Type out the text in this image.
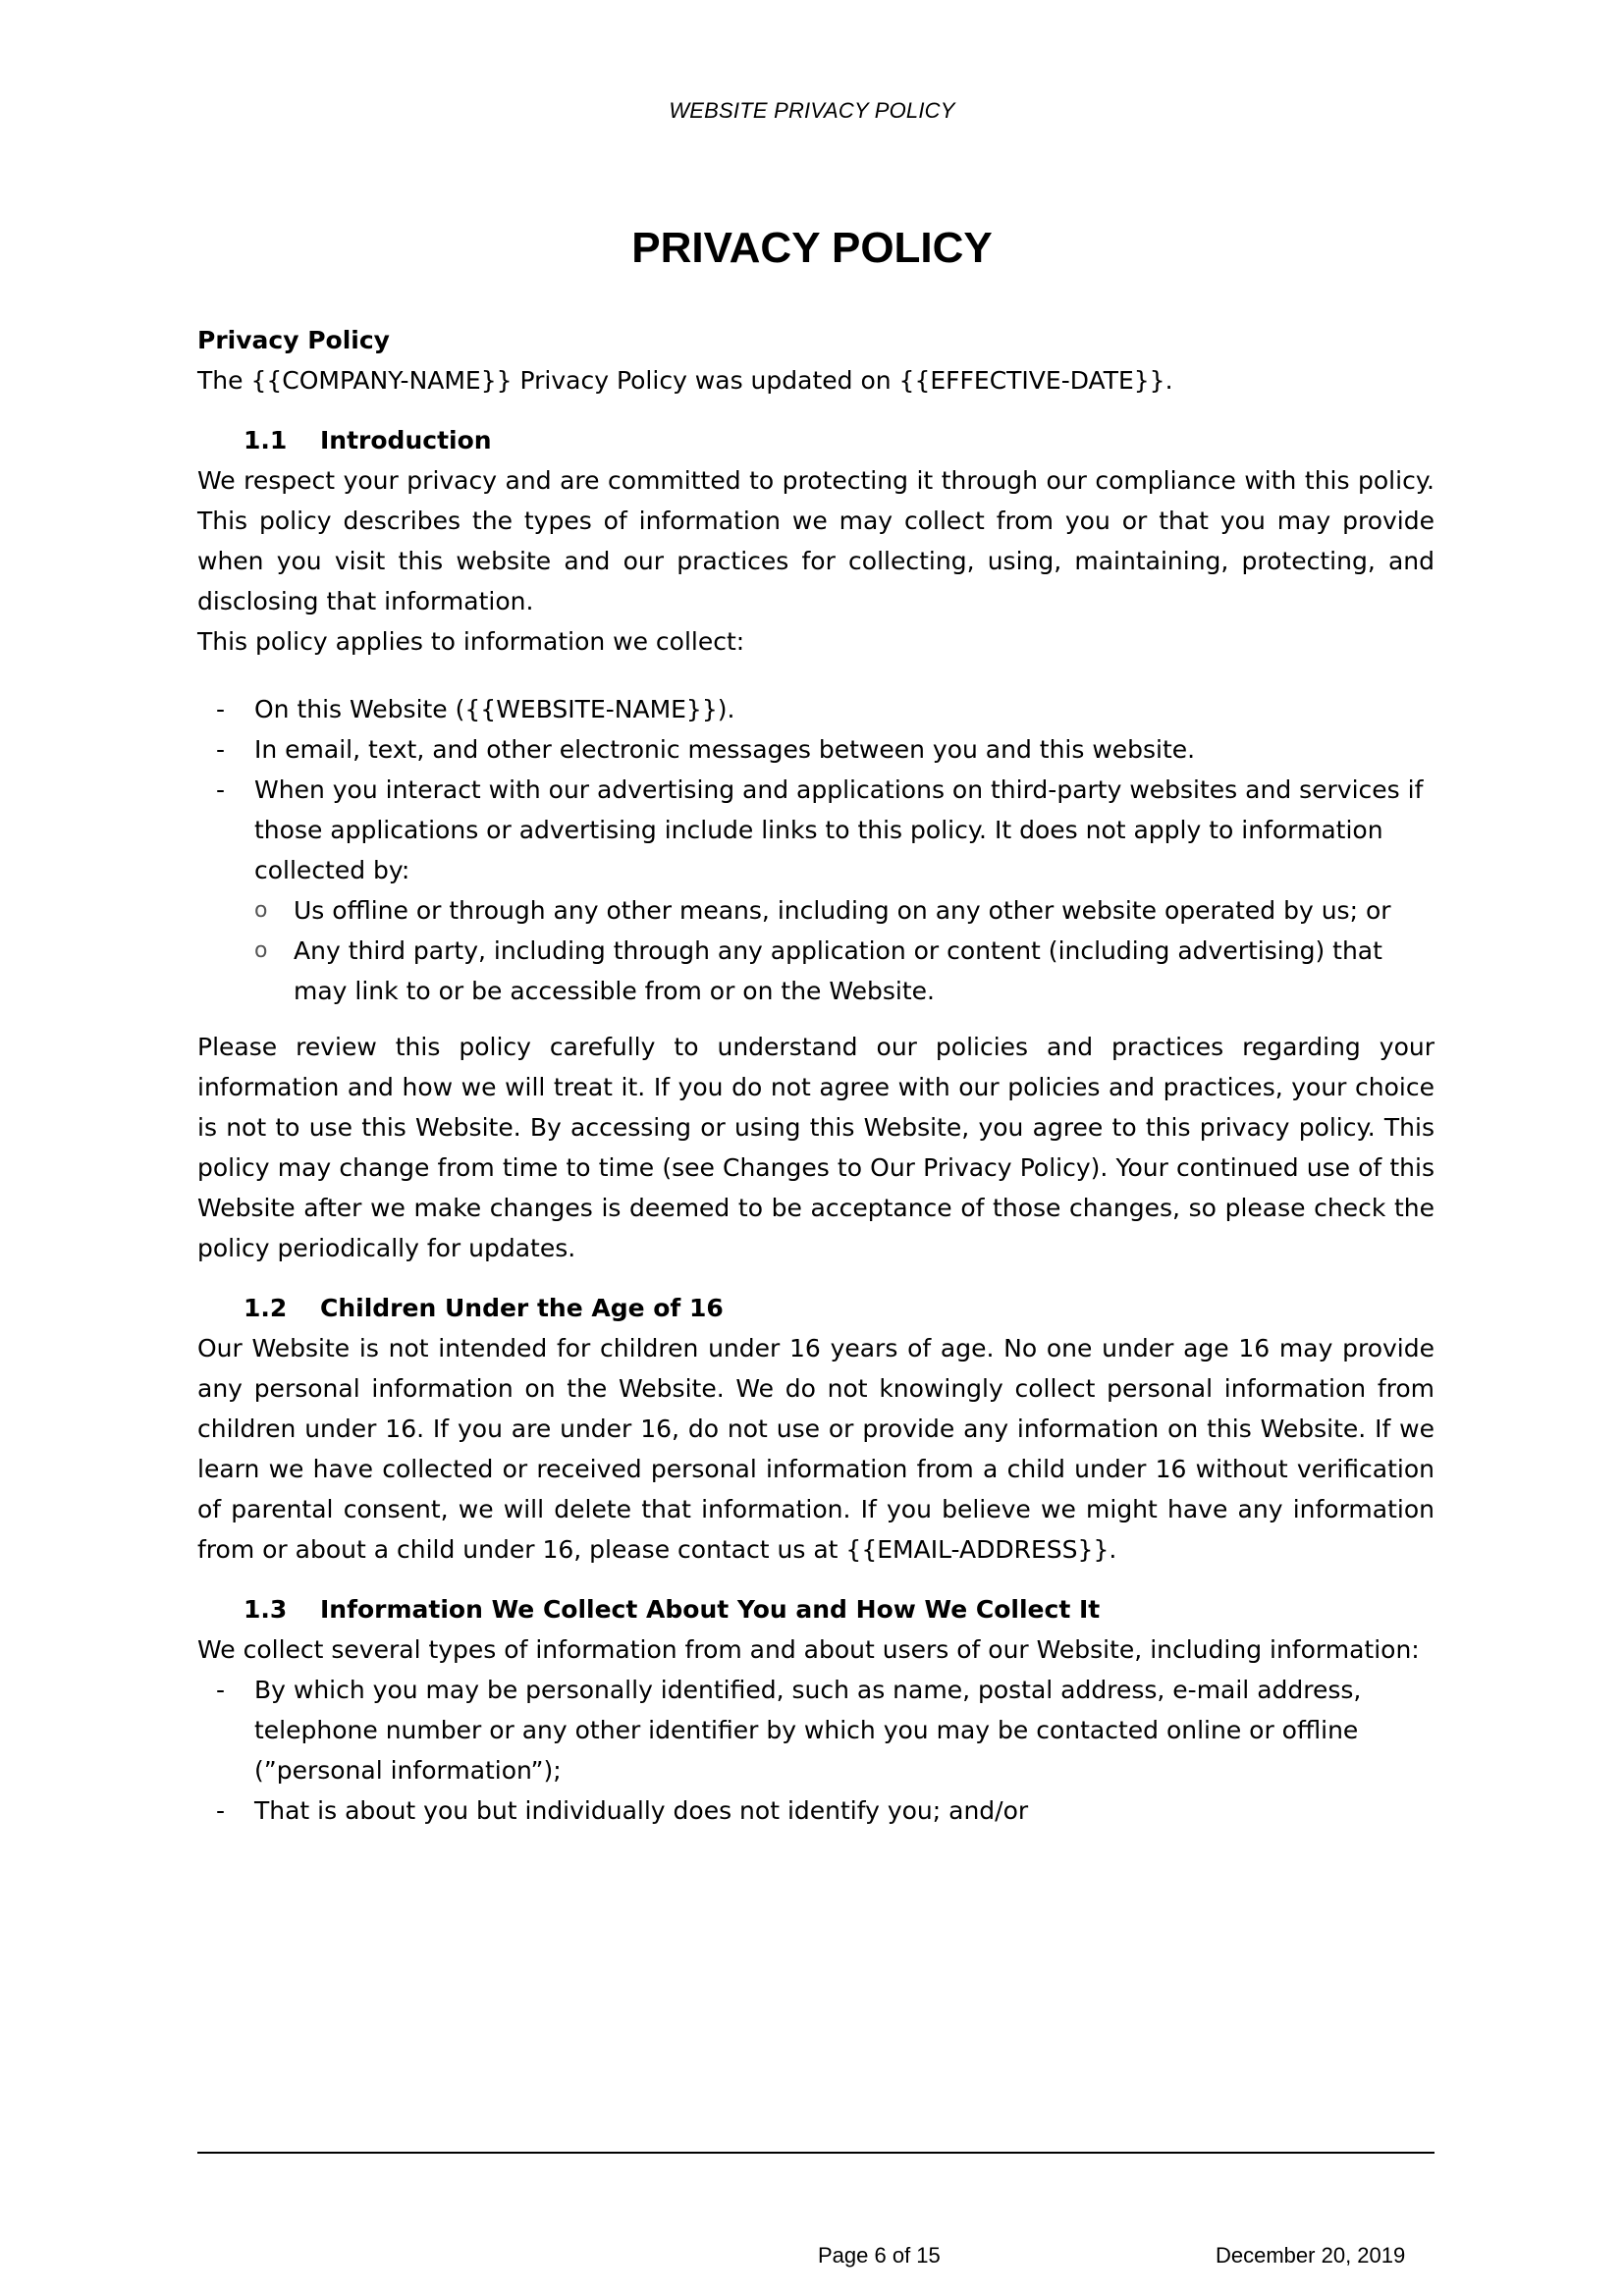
WEBSITE PRIVACY POLICY
PRIVACY POLICY

Privacy Policy

The {{COMPANY-NAME}} Privacy Policy was updated on {{EFFECTIVE-DATE}}.

1.1 Introduction

We respect your privacy and are committed to protecting it through our compliance with this policy. This policy describes the types of information we may collect from you or that you may provide when you visit this website and our practices for collecting, using, maintaining, protecting, and disclosing that information.

This policy applies to information we collect:

- On this Website ({{WEBSITE-NAME}}).
- In email, text, and other electronic messages between you and this website.
- When you interact with our advertising and applications on third-party websites and services if those applications or advertising include links to this policy. It does not apply to information collected by:
o Us offline or through any other means, including on any other website operated by us; or
o Any third party, including through any application or content (including advertising) that may link to or be accessible from or on the Website.

Please review this policy carefully to understand our policies and practices regarding your information and how we will treat it. If you do not agree with our policies and practices, your choice is not to use this Website. By accessing or using this Website, you agree to this privacy policy. This policy may change from time to time (see Changes to Our Privacy Policy). Your continued use of this Website after we make changes is deemed to be acceptance of those changes, so please check the policy periodically for updates.

1.2 Children Under the Age of 16

Our Website is not intended for children under 16 years of age. No one under age 16 may provide any personal information on the Website. We do not knowingly collect personal information from children under 16. If you are under 16, do not use or provide any information on this Website. If we learn we have collected or received personal information from a child under 16 without verification of parental consent, we will delete that information. If you believe we might have any information from or about a child under 16, please contact us at {{EMAIL-ADDRESS}}.

1.3 Information We Collect About You and How We Collect It

We collect several types of information from and about users of our Website, including information:

- By which you may be personally identified, such as name, postal address, e-mail address, telephone number or any other identifier by which you may be contacted online or offline (”personal information”);
- That is about you but individually does not identify you; and/or
Page 6 of 15	December 20, 2019
